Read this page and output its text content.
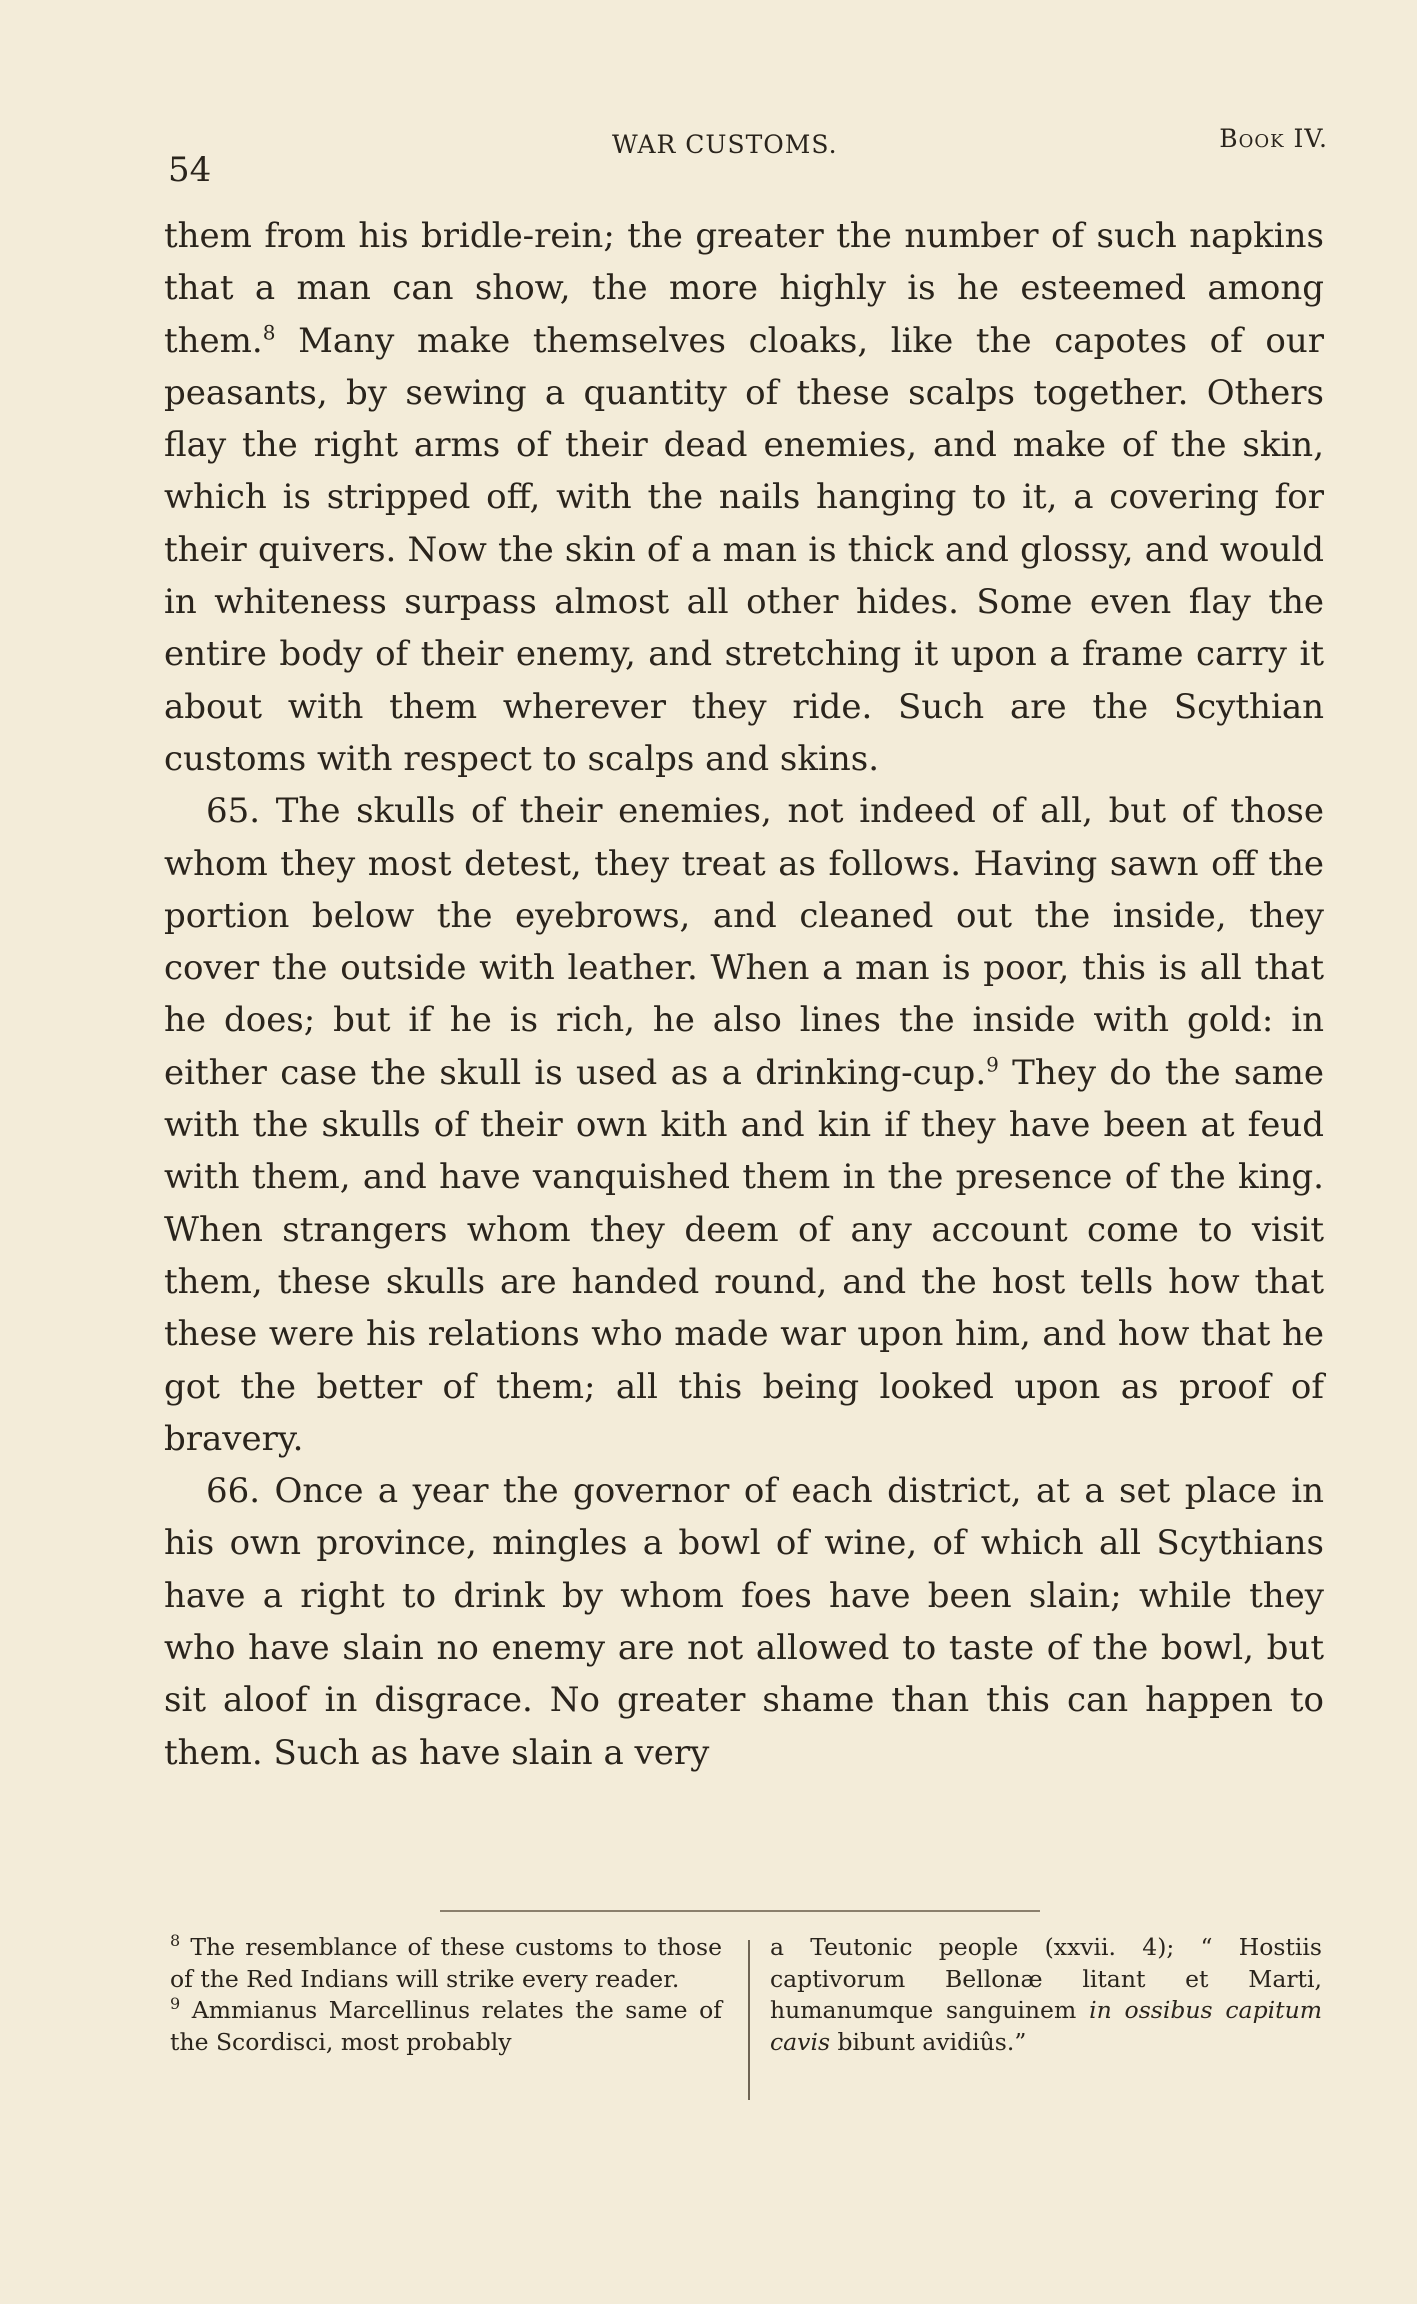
54
WAR CUSTOMS.	Book IV.

them from his bridle-rein; the greater the number of such napkins that a man can show, the more highly is he esteemed among them.$^8$ Many make themselves cloaks, like the capotes of our peasants, by sewing a quantity of these scalps together. Others flay the right arms of their dead enemies, and make of the skin, which is stripped off, with the nails hanging to it, a covering for their quivers. Now the skin of a man is thick and glossy, and would in whiteness surpass almost all other hides. Some even flay the entire body of their enemy, and stretching it upon a frame carry it about with them wherever they ride. Such are the Scythian customs with respect to scalps and skins.

65. The skulls of their enemies, not indeed of all, but of those whom they most detest, they treat as follows. Having sawn off the portion below the eyebrows, and cleaned out the inside, they cover the outside with leather. When a man is poor, this is all that he does; but if he is rich, he also lines the inside with gold: in either case the skull is used as a drinking-cup.$^9$ They do the same with the skulls of their own kith and kin if they have been at feud with them, and have vanquished them in the presence of the king. When strangers whom they deem of any account come to visit them, these skulls are handed round, and the host tells how that these were his relations who made war upon him, and how that he got the better of them; all this being looked upon as proof of bravery.

66. Once a year the governor of each district, at a set place in his own province, mingles a bowl of wine, of which all Scythians have a right to drink by whom foes have been slain; while they who have slain no enemy are not allowed to taste of the bowl, but sit aloof in disgrace. No greater shame than this can happen to them. Such as have slain a very

$^8$ The resemblance of these customs to those of the Red Indians will strike every reader.

$^9$ Ammianus Marcellinus relates the same of the Scordisci, most probably

a Teutonic people (xxvii. 4); “ Hostiis captivorum Bellonæ litant et Marti, humanumque sanguinem in ossibus capitum cavis bibunt avidiûs.”
